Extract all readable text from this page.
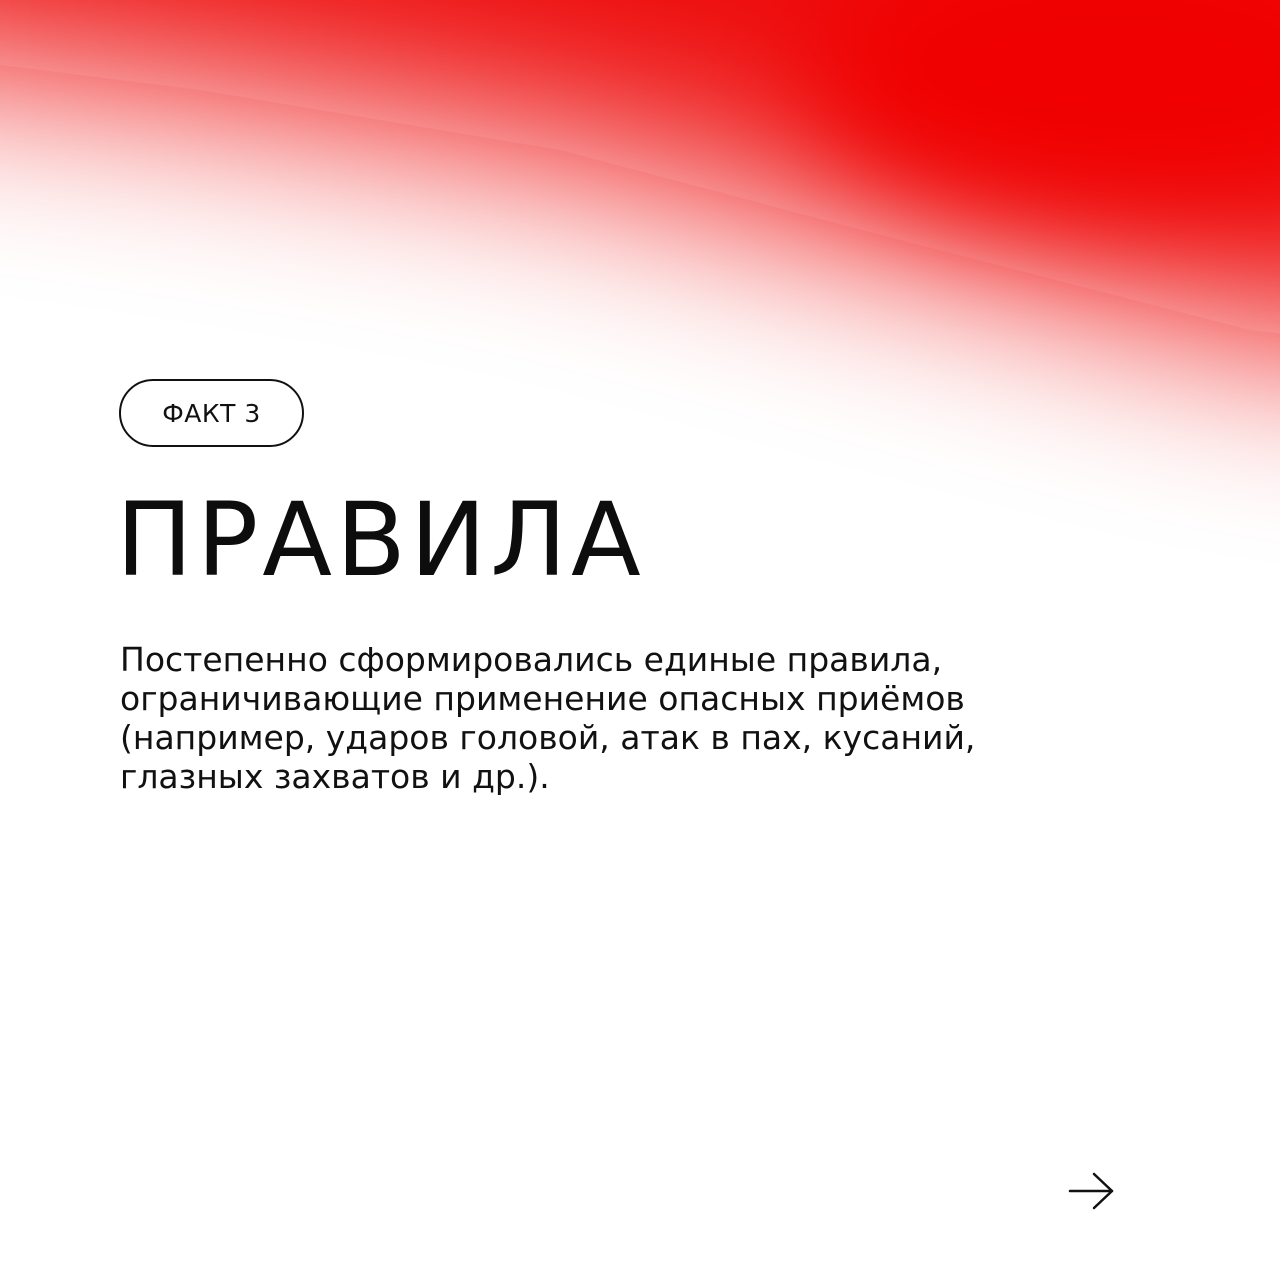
ФАКТ 3
ПРАВИЛА

Постепенно сформировались единые правила,
ограничивающие применение опасных приёмов
(например, ударов головой, атак в пах, кусаний,
глазных захватов и др.).
